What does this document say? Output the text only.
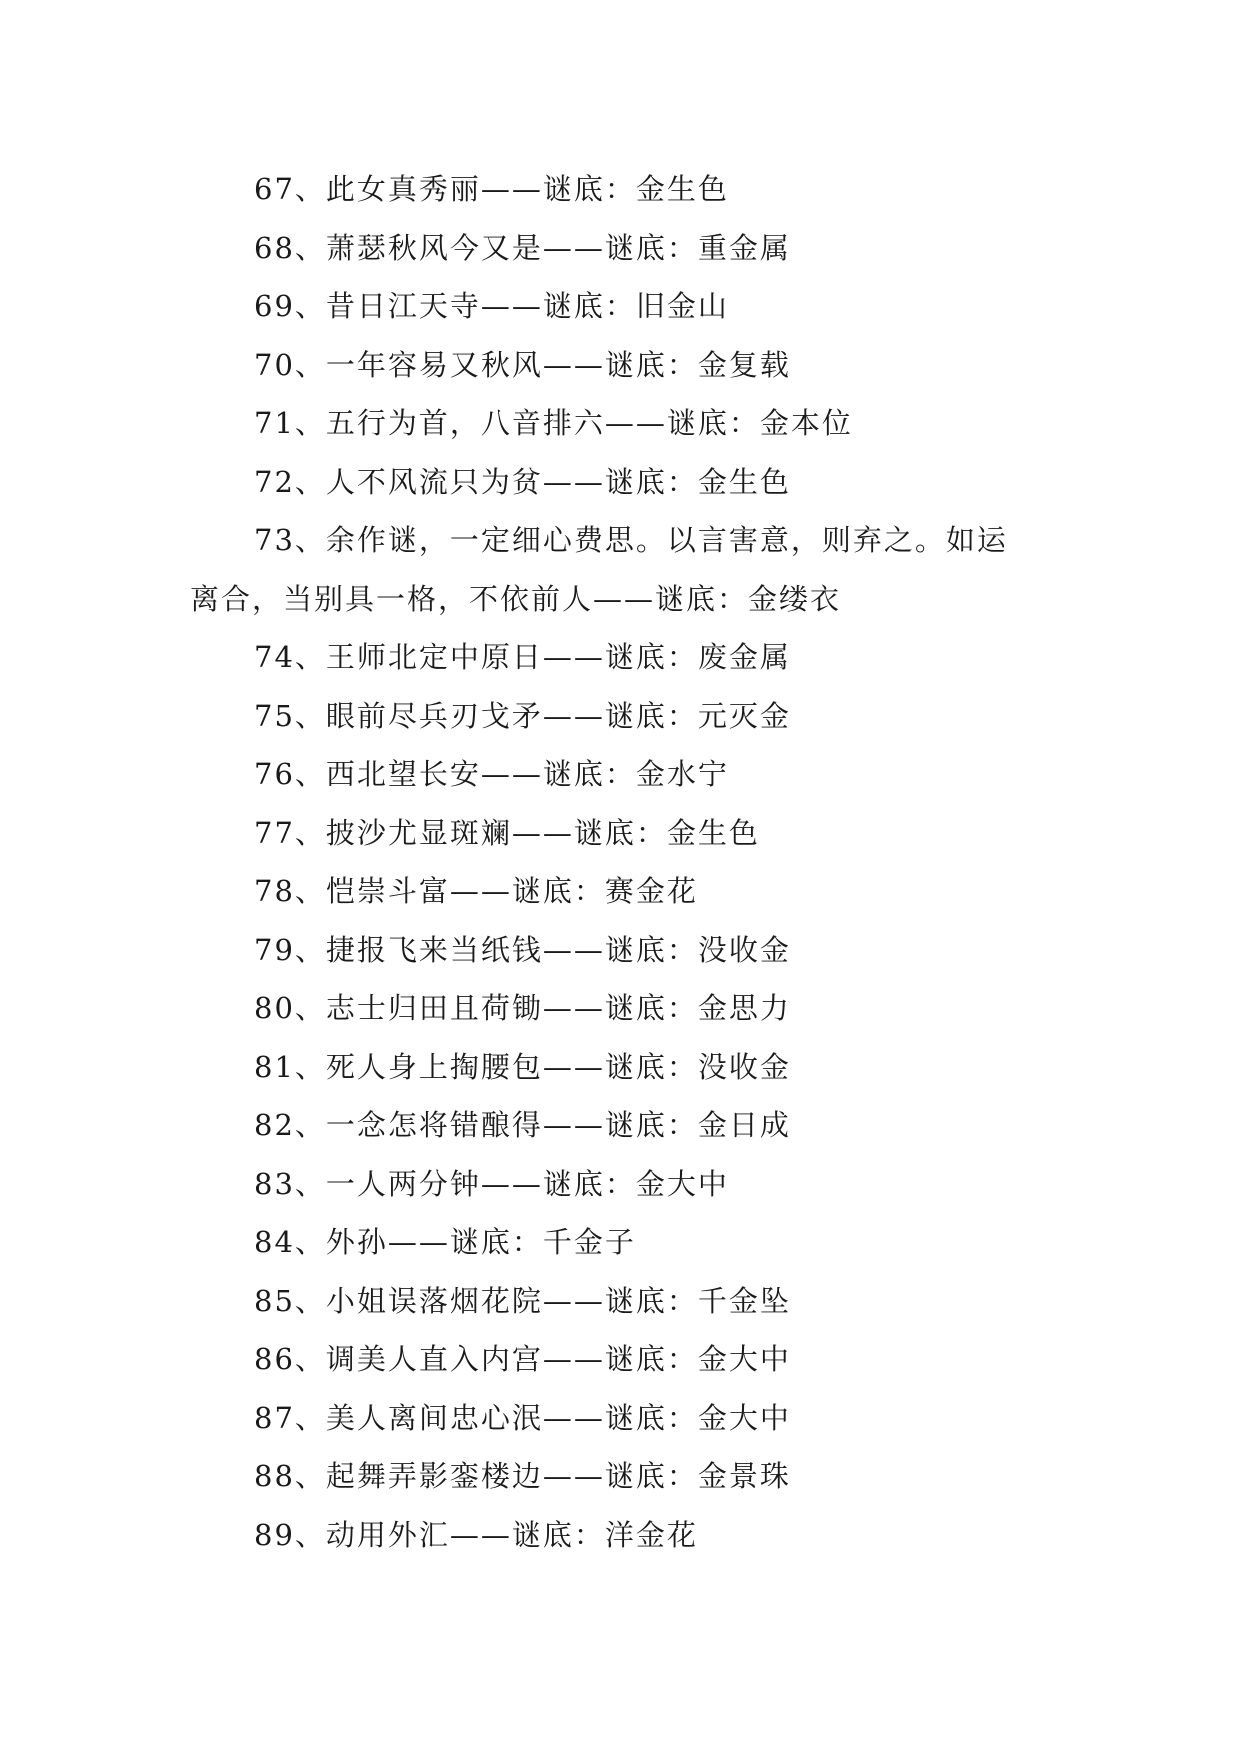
67、此女真秀丽——谜底：金生色
68、萧瑟秋风今又是——谜底：重金属
69、昔日江天寺——谜底：旧金山
70、一年容易又秋风——谜底：金复载
71、五行为首，八音排六——谜底：金本位
72、人不风流只为贫——谜底：金生色
73、余作谜，一定细心费思。以言害意，则弃之。如运
离合，当别具一格，不依前人——谜底：金缕衣
74、王师北定中原日——谜底：废金属
75、眼前尽兵刃戈矛——谜底：元灭金
76、西北望长安——谜底：金水宁
77、披沙尤显斑斓——谜底：金生色
78、恺崇斗富——谜底：赛金花
79、捷报飞来当纸钱——谜底：没收金
80、志士归田且荷锄——谜底：金思力
81、死人身上掏腰包——谜底：没收金
82、一念怎将错酿得——谜底：金日成
83、一人两分钟——谜底：金大中
84、外孙——谜底：千金子
85、小姐误落烟花院——谜底：千金坠
86、调美人直入内宫——谜底：金大中
87、美人离间忠心泯——谜底：金大中
88、起舞弄影銮楼边——谜底：金景珠
89、动用外汇——谜底：洋金花
